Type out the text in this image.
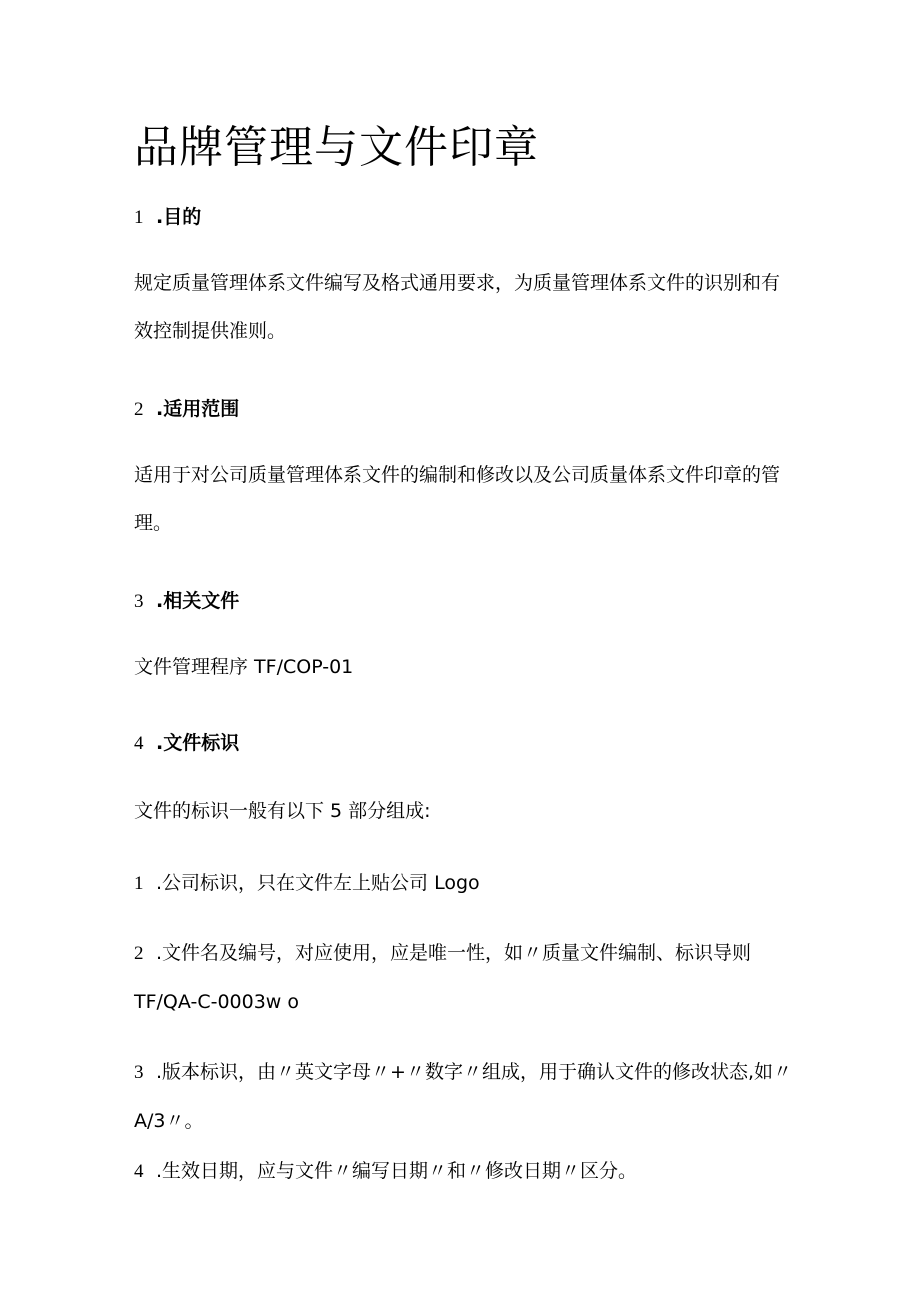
品牌管理与文件印章
1 .目的

规定质量管理体系文件编写及格式通用要求，为质量管理体系文件的识别和有效控制提供准则。

2 .适用范围

适用于对公司质量管理体系文件的编制和修改以及公司质量体系文件印章的管理。

3 .相关文件
文件管理程序 TF/COP-01
4 .文件标识
文件的标识一般有以下 5 部分组成:
1 .公司标识，只在文件左上贴公司 Logo
2 .文件名及编号，对应使用，应是唯一性，如〃质量文件编制、标识导则 TF∕QA-C-0003w o
3 .版本标识，由〃英文字母〃+〃数字〃组成，用于确认文件的修改状态,如〃A/3〃。
4 .生效日期，应与文件〃编写日期〃和〃修改日期〃区分。
